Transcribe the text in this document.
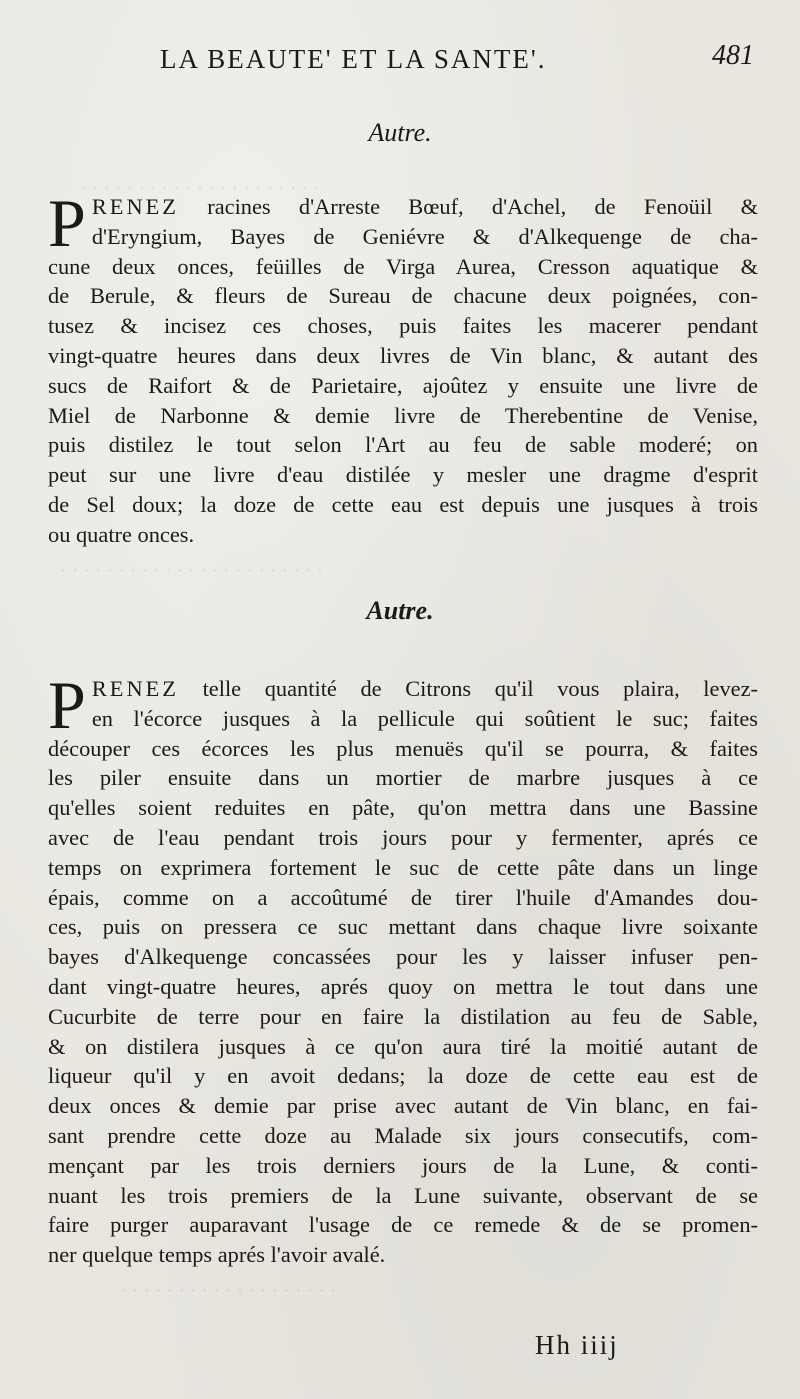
· · · · · · · · · · · · · · · · · · · · ·
· · · · · · · · · · · · · · · · · · · · · · ·
· · · · · · · · · · · · · · · · · · ·
LA BEAUTE' ET LA SANTE'.	481
Autre.
P RENEZ racines d'Arreste Bœuf, d'Achel, de Fenoüil &
d'Eryngium, Bayes de Geniévre & d'Alkequenge de cha-
cune deux onces, feüilles de Virga Aurea, Cresson aquatique &
de Berule, & fleurs de Sureau de chacune deux poignées, con-
tusez & incisez ces choses, puis faites les macerer pendant
vingt-quatre heures dans deux livres de Vin blanc, & autant des
sucs de Raifort & de Parietaire, ajoûtez y ensuite une livre de
Miel de Narbonne & demie livre de Therebentine de Venise,
puis distilez le tout selon l'Art au feu de sable moderé; on
peut sur une livre d'eau distilée y mesler une dragme d'esprit
de Sel doux; la doze de cette eau est depuis une jusques à trois
ou quatre onces.
Autre.
P RENEZ telle quantité de Citrons qu'il vous plaira, levez-
en l'écorce jusques à la pellicule qui soûtient le suc; faites
découper ces écorces les plus menuës qu'il se pourra, & faites
les piler ensuite dans un mortier de marbre jusques à ce
qu'elles soient reduites en pâte, qu'on mettra dans une Bassine
avec de l'eau pendant trois jours pour y fermenter, aprés ce
temps on exprimera fortement le suc de cette pâte dans un linge
épais, comme on a accoûtumé de tirer l'huile d'Amandes dou-
ces, puis on pressera ce suc mettant dans chaque livre soixante
bayes d'Alkequenge concassées pour les y laisser infuser pen-
dant vingt-quatre heures, aprés quoy on mettra le tout dans une
Cucurbite de terre pour en faire la distilation au feu de Sable,
& on distilera jusques à ce qu'on aura tiré la moitié autant de
liqueur qu'il y en avoit dedans; la doze de cette eau est de
deux onces & demie par prise avec autant de Vin blanc, en fai-
sant prendre cette doze au Malade six jours consecutifs, com-
mençant par les trois derniers jours de la Lune, & conti-
nuant les trois premiers de la Lune suivante, observant de se
faire purger auparavant l'usage de ce remede & de se promen-
ner quelque temps aprés l'avoir avalé.
Hh iiij
